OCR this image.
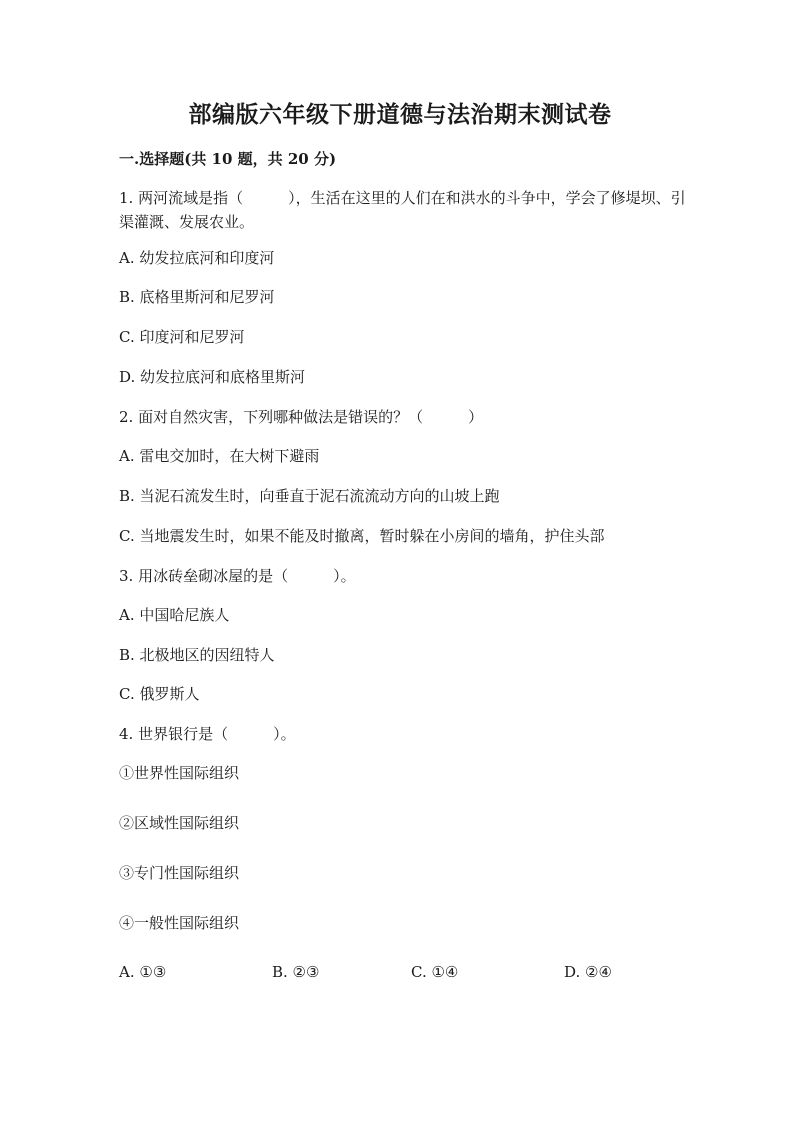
部编版六年级下册道德与法治期末测试卷
一.选择题(共 10 题，共 20 分)

1. 两河流域是指（　　　），生活在这里的人们在和洪水的斗争中，学会了修堤坝、引渠灌溉、发展农业。

A. 幼发拉底河和印度河
B. 底格里斯河和尼罗河
C. 印度河和尼罗河
D. 幼发拉底河和底格里斯河
2. 面对自然灾害，下列哪种做法是错误的？（　　　）
A. 雷电交加时，在大树下避雨
B. 当泥石流发生时，向垂直于泥石流流动方向的山坡上跑
C. 当地震发生时，如果不能及时撤离，暂时躲在小房间的墙角，护住头部
3. 用冰砖垒砌冰屋的是（　　　）。
A. 中国哈尼族人
B. 北极地区的因纽特人
C. 俄罗斯人
4. 世界银行是（　　　）。
①世界性国际组织
②区域性国际组织
③专门性国际组织
④一般性国际组织
A. ①③	B. ②③	C. ①④	D. ②④
